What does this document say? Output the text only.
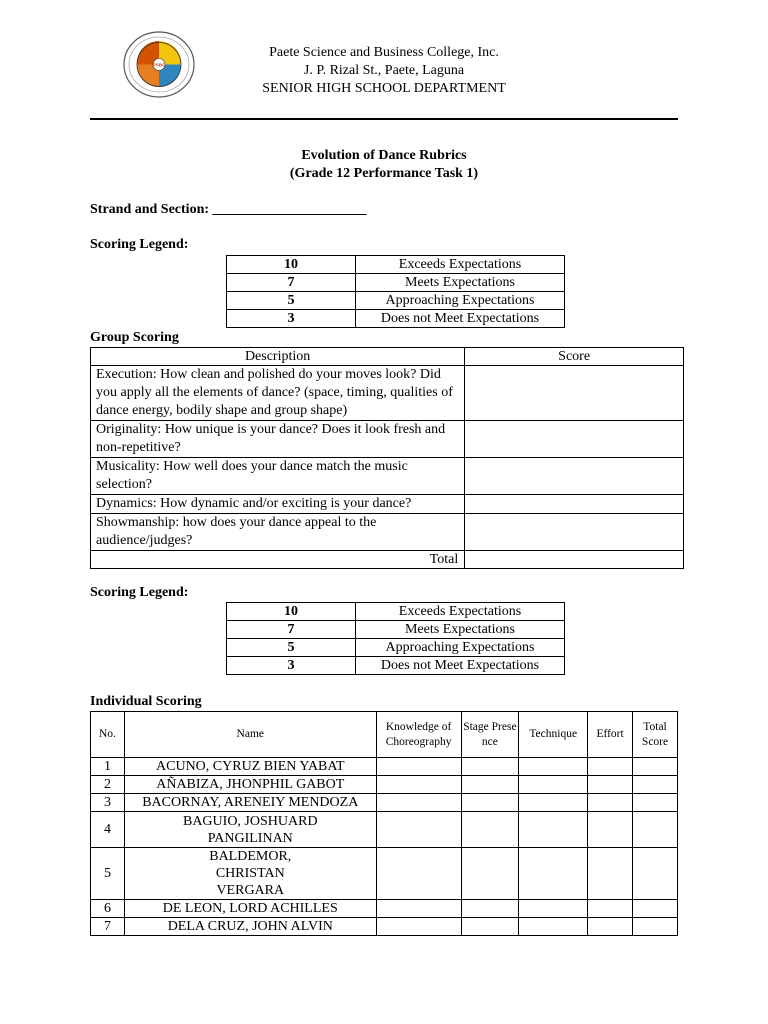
PSBC
Paete Science and Business College, Inc.
J. P. Rizal St., Paete, Laguna
SENIOR HIGH SCHOOL DEPARTMENT
Evolution of Dance Rubrics
(Grade 12 Performance Task 1)
Strand and Section: ______________________
Scoring Legend:
10	Exceeds Expectations
7	Meets Expectations
5	Approaching Expectations
3	Does not Meet Expectations
Group Scoring
Description	Score
Execution: How clean and polished do your moves look? Did you apply all the elements of dance? (space, timing, qualities of dance energy, bodily shape and group shape)	
Originality: How unique is your dance? Does it look fresh and non-repetitive?	
Musicality: How well does your dance match the music selection?	
Dynamics: How dynamic and/or exciting is your dance?	
Showmanship: how does your dance appeal to the audience/judges?	
Total	
Scoring Legend:
10	Exceeds Expectations
7	Meets Expectations
5	Approaching Expectations
3	Does not Meet Expectations
Individual Scoring
No.	Name	Knowledge of Choreography	Stage Presence	Technique	Effort	Total Score
1	ACUNO, CYRUZ BIEN YABAT					
2	AÑABIZA, JHONPHIL GABOT					
3	BACORNAY, ARENEIY MENDOZA					
4	BAGUIO, JOSHUARD PANGILINAN					
5	BALDEMOR, CHRISTAN VERGARA					
6	DE LEON, LORD ACHILLES					
7	DELA CRUZ, JOHN ALVIN					
